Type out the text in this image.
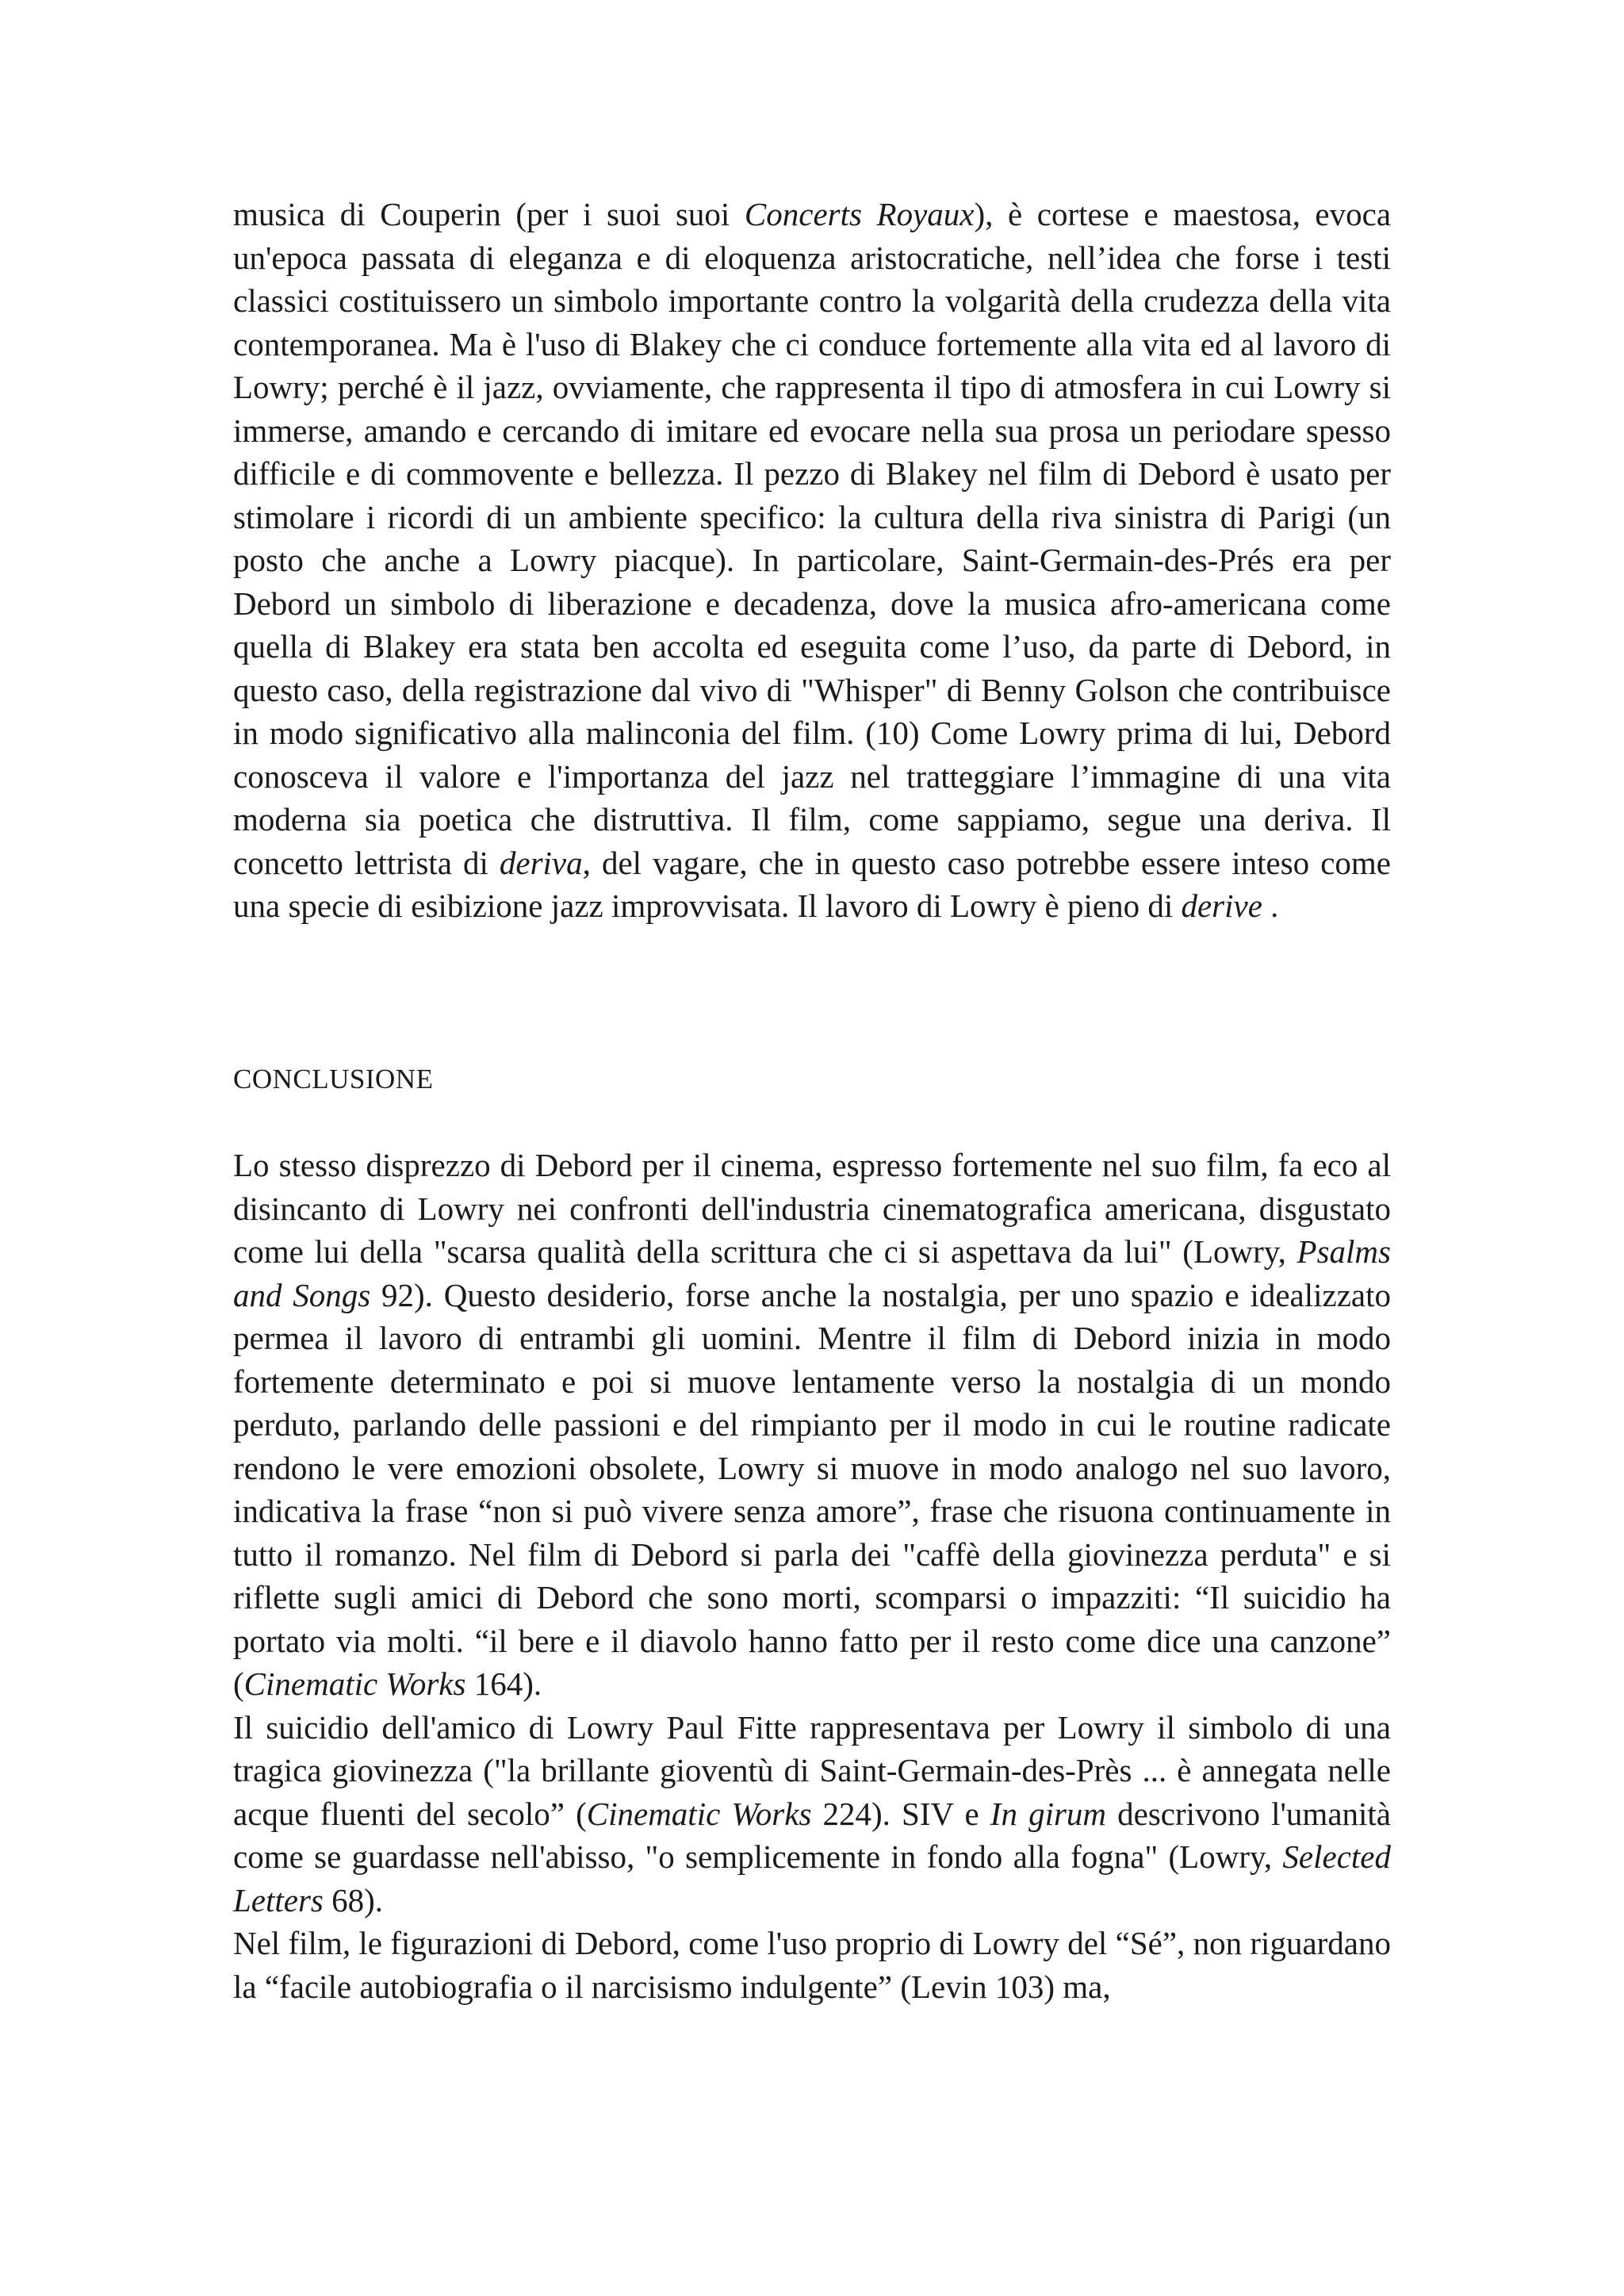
musica di Couperin (per i suoi suoi Concerts Royaux), è cortese e maestosa, evoca un'epoca passata di eleganza e di eloquenza aristocratiche, nell’idea che forse i testi classici costituissero un simbolo importante contro la volgarità della crudezza della vita contemporanea. Ma è l'uso di Blakey che ci conduce fortemente alla vita ed al lavoro di Lowry; perché è il jazz, ovviamente, che rappresenta il tipo di atmosfera in cui Lowry si immerse, amando e cercando di imitare ed evocare nella sua prosa un periodare spesso difficile e di commovente e bellezza. Il pezzo di Blakey nel film di Debord è usato per stimolare i ricordi di un ambiente specifico: la cultura della riva sinistra di Parigi (un posto che anche a Lowry piacque). In particolare, Saint-Germain-des-Prés era per Debord un simbolo di liberazione e decadenza, dove la musica afro-americana come quella di Blakey era stata ben accolta ed eseguita come l’uso, da parte di Debord, in questo caso, della registrazione dal vivo di "Whisper" di Benny Golson che contribuisce in modo significativo alla malinconia del film. (10) Come Lowry prima di lui, Debord conosceva il valore e l'importanza del jazz nel tratteggiare l’immagine di una vita moderna sia poetica che distruttiva. Il film, come sappiamo, segue una deriva. Il concetto lettrista di deriva, del vagare, che in questo caso potrebbe essere inteso come una specie di esibizione jazz improvvisata. Il lavoro di Lowry è pieno di derive .

CONCLUSIONE

Lo stesso disprezzo di Debord per il cinema, espresso fortemente nel suo film, fa eco al disincanto di Lowry nei confronti dell'industria cinematografica americana, disgustato come lui della "scarsa qualità della scrittura che ci si aspettava da lui" (Lowry, Psalms and Songs 92). Questo desiderio, forse anche la nostalgia, per uno spazio e idealizzato permea il lavoro di entrambi gli uomini. Mentre il film di Debord inizia in modo fortemente determinato e poi si muove lentamente verso la nostalgia di un mondo perduto, parlando delle passioni e del rimpianto per il modo in cui le routine radicate rendono le vere emozioni obsolete, Lowry si muove in modo analogo nel suo lavoro, indicativa la frase “non si può vivere senza amore”, frase che risuona continuamente in tutto il romanzo. Nel film di Debord si parla dei "caffè della giovinezza perduta" e si riflette sugli amici di Debord che sono morti, scomparsi o impazziti: “Il suicidio ha portato via molti. “il bere e il diavolo hanno fatto per il resto come dice una canzone” (Cinematic Works 164).

Il suicidio dell'amico di Lowry Paul Fitte rappresentava per Lowry il simbolo di una tragica giovinezza ("la brillante gioventù di Saint-Germain-des-Près ... è annegata nelle acque fluenti del secolo” (Cinematic Works 224). SIV e In girum descrivono l'umanità come se guardasse nell'abisso, "o semplicemente in fondo alla fogna" (Lowry, Selected Letters 68).

Nel film, le figurazioni di Debord, come l'uso proprio di Lowry del “Sé”, non riguardano la “facile autobiografia o il narcisismo indulgente” (Levin 103) ma,
